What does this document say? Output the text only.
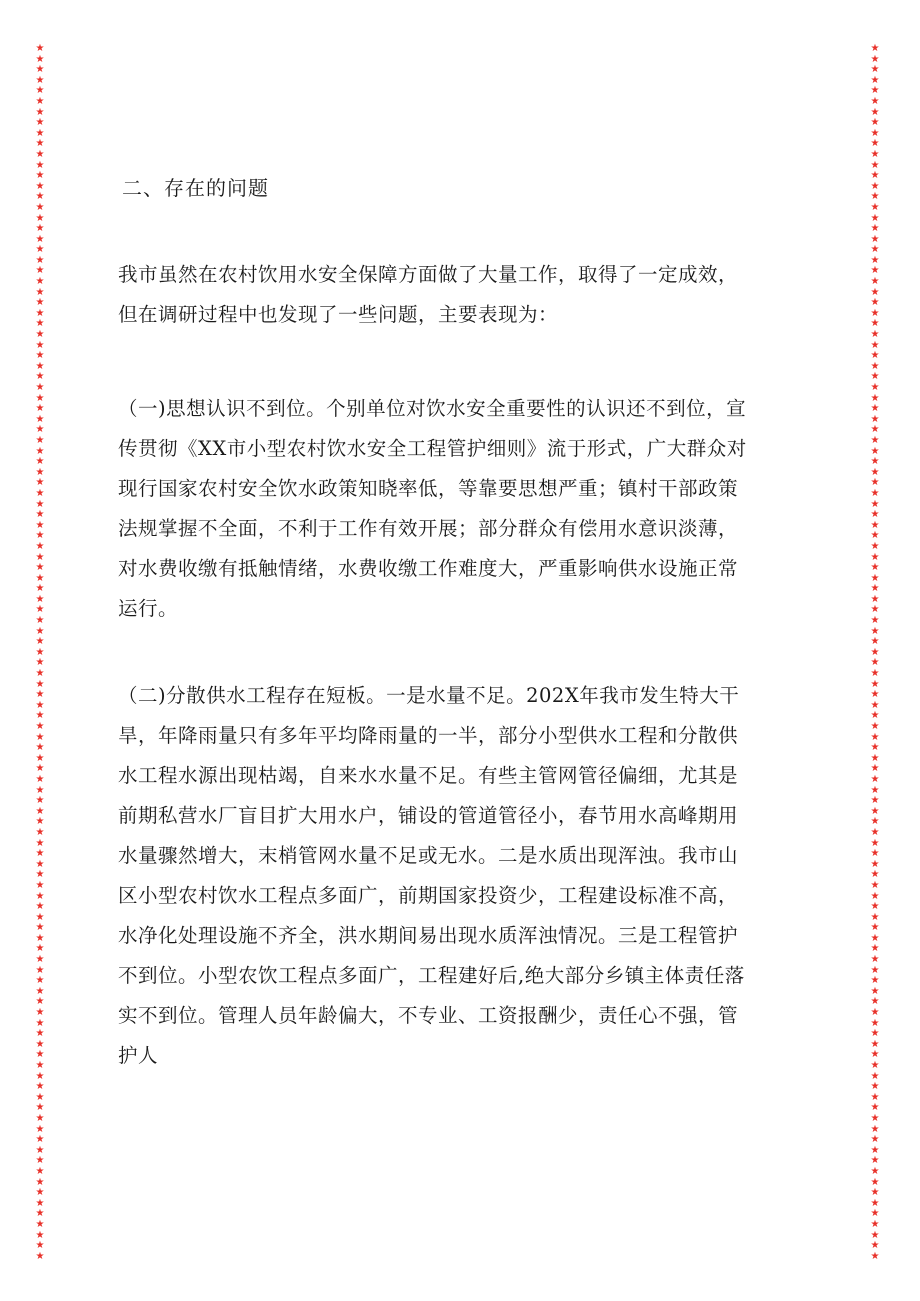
★
★
★
★
★
★
★
★
★
★
★
★
★
★
★
★
★
★
★
★
★
★
★
★
★
★
★
★
★
★
★
★
★
★
★
★
★
★
★
★
★
★
★
★
★
★
★
★
★
★
★
★
★
★
★
★
★
★
★
★
★
★
★
★
★
★
★
★
★
★
★
★
★
★
★
★
★
★
★
★
★
★
★
★
★
★
★
★
★
★
★
★
★
★
★
★
★
★
★
★
★
★
★
★
★
★
★
★
★
★
★
★
★
★
★
★
★
★
★
★
★
★
★
★
★
★
★
★
★
★
★
★
★
★
★
★
★
★
★
★
★
★
★
★
★
★
★
★
★
★
★
★
★
★
★
★
★
★
★
★
★
★
★
★
★
★
★
★
★
★
★
★
★
★
★
★
★
★
★
★
★
★
★
★
★
★
★
★
★
★
★
★
★
★
★
★
★
★
★
★
★
★
★
★
★
★
★
★
★
★
★
★
★
★
★
★
★
★
★
★
★
★
★
★
★
★
★
★
★
★
二、存在的问题
我市虽然在农村饮用水安全保障方面做了大量工作，取得了一定成效，
但在调研过程中也发现了一些问题，主要表现为：
（一)思想认识不到位。个别单位对饮水安全重要性的认识还不到位，宣
传贯彻《XX市小型农村饮水安全工程管护细则》流于形式，广大群众对
现行国家农村安全饮水政策知晓率低，等靠要思想严重；镇村干部政策
法规掌握不全面，不利于工作有效开展；部分群众有偿用水意识淡薄，
对水费收缴有抵触情绪，水费收缴工作难度大，严重影响供水设施正常
运行。
（二)分散供水工程存在短板。一是水量不足。202X年我市发生特大干
旱，年降雨量只有多年平均降雨量的一半，部分小型供水工程和分散供
水工程水源出现枯竭，自来水水量不足。有些主管网管径偏细，尤其是
前期私营水厂盲目扩大用水户，铺设的管道管径小，春节用水高峰期用
水量骤然增大，末梢管网水量不足或无水。二是水质出现浑浊。我市山
区小型农村饮水工程点多面广，前期国家投资少，工程建设标准不高，
水净化处理设施不齐全，洪水期间易出现水质浑浊情况。三是工程管护
不到位。小型农饮工程点多面广，工程建好后,绝大部分乡镇主体责任落
实不到位。管理人员年龄偏大，不专业、工资报酬少，责任心不强，管
护人
